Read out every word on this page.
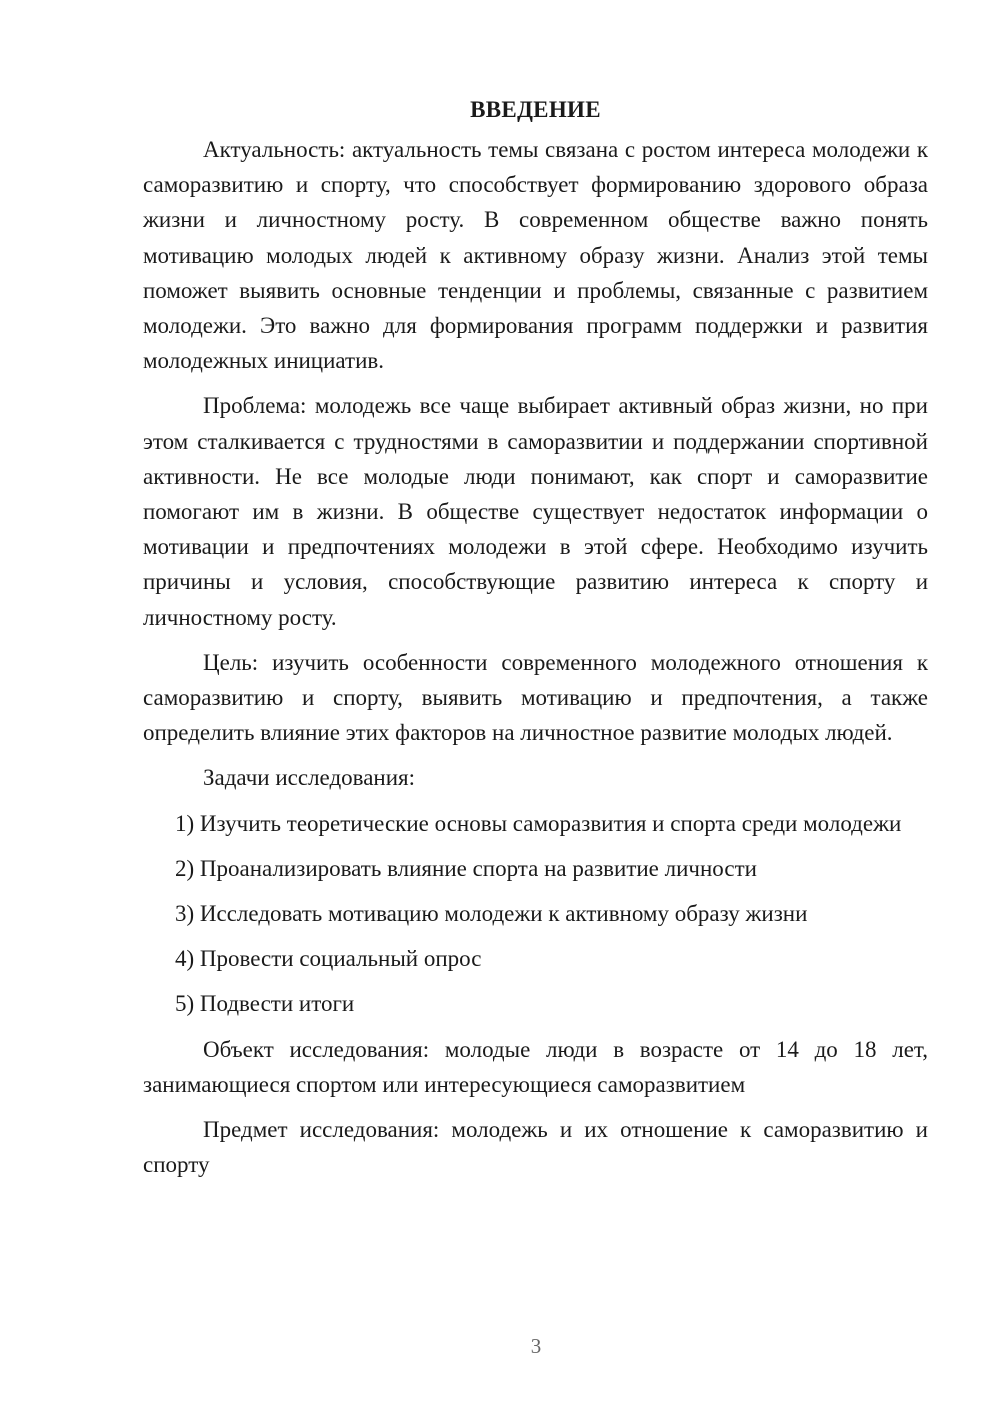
ВВЕДЕНИЕ

Актуальность: актуальность темы связана с ростом интереса молодежи к саморазвитию и спорту, что способствует формированию здорового образа жизни и личностному росту. В современном обществе важно понять мотивацию молодых людей к активному образу жизни. Анализ этой темы поможет выявить основные тенденции и проблемы, связанные с развитием молодежи. Это важно для формирования программ поддержки и развития молодежных инициатив.

Проблема: молодежь все чаще выбирает активный образ жизни, но при этом сталкивается с трудностями в саморазвитии и поддержании спортивной активности. Не все молодые люди понимают, как спорт и саморазвитие помогают им в жизни. В обществе существует недостаток информации о мотивации и предпочтениях молодежи в этой сфере. Необходимо изучить причины и условия, способствующие развитию интереса к спорту и личностному росту.

Цель: изучить особенности современного молодежного отношения к саморазвитию и спорту, выявить мотивацию и предпочтения, а также определить влияние этих факторов на личностное развитие молодых людей.

Задачи исследования:

1) Изучить теоретические основы саморазвития и спорта среди молодежи

2) Проанализировать влияние спорта на развитие личности

3) Исследовать мотивацию молодежи к активному образу жизни

4) Провести социальный опрос

5) Подвести итоги

Объект исследования: молодые люди в возрасте от 14 до 18 лет, занимающиеся спортом или интересующиеся саморазвитием

Предмет исследования: молодежь и их отношение к саморазвитию и спорту

3
